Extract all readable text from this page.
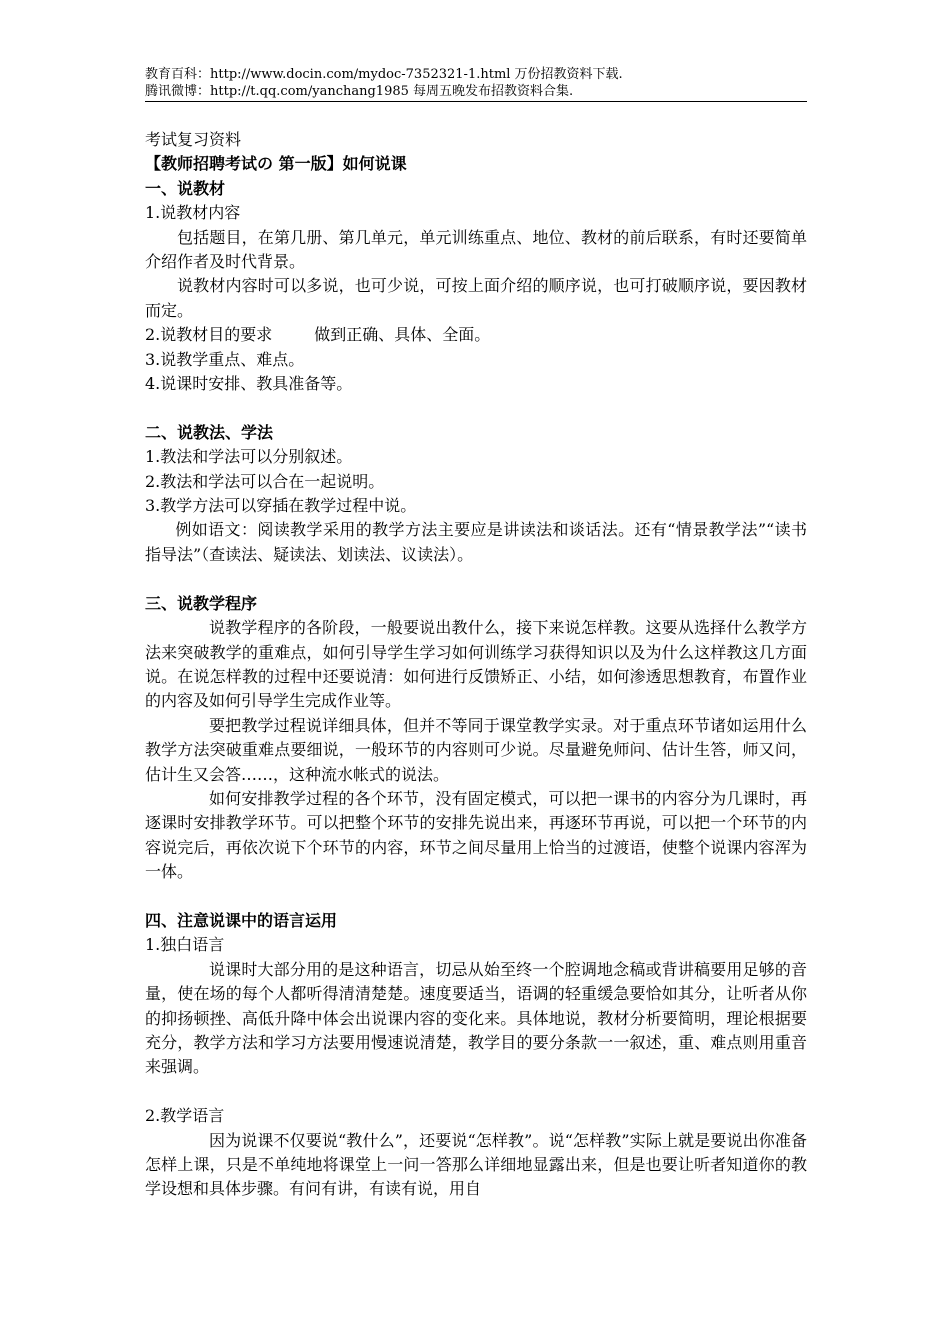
教育百科：http://www.docin.com/mydoc-7352321-1.html 万份招教资料下载.
腾讯微博：http://t.qq.com/yanchang1985 每周五晚发布招教资料合集.

考试复习资料

【教师招聘考试の 第一版】如何说课

一、说教材

1.说教材内容

包括题目，在第几册、第几单元，单元训练重点、地位、教材的前后联系，有时还要简单介绍作者及时代背景。

说教材内容时可以多说，也可少说，可按上面介绍的顺序说，也可打破顺序说，要因教材而定。

2.说教材目的要求	做到正确、具体、全面。

3.说教学重点、难点。

4.说课时安排、教具准备等。

二、说教法、学法

1.教法和学法可以分别叙述。

2.教法和学法可以合在一起说明。

3.教学方法可以穿插在教学过程中说。

例如语文：阅读教学采用的教学方法主要应是讲读法和谈话法。还有“情景教学法”“读书指导法”（查读法、疑读法、划读法、议读法）。

三、说教学程序

说教学程序的各阶段，一般要说出教什么，接下来说怎样教。这要从选择什么教学方法来突破教学的重难点，如何引导学生学习如何训练学习获得知识以及为什么这样教这几方面说。在说怎样教的过程中还要说清：如何进行反馈矫正、小结，如何渗透思想教育，布置作业的内容及如何引导学生完成作业等。

要把教学过程说详细具体，但并不等同于课堂教学实录。对于重点环节诸如运用什么教学方法突破重难点要细说，一般环节的内容则可少说。尽量避免师问、估计生答，师又问，估计生又会答……，这种流水帐式的说法。

如何安排教学过程的各个环节，没有固定模式，可以把一课书的内容分为几课时，再逐课时安排教学环节。可以把整个环节的安排先说出来，再逐环节再说，可以把一个环节的内容说完后，再依次说下个环节的内容，环节之间尽量用上恰当的过渡语，使整个说课内容浑为一体。

四、注意说课中的语言运用

1.独白语言

说课时大部分用的是这种语言，切忌从始至终一个腔调地念稿或背讲稿要用足够的音量，使在场的每个人都听得清清楚楚。速度要适当，语调的轻重缓急要恰如其分，让听者从你的抑扬顿挫、高低升降中体会出说课内容的变化来。具体地说，教材分析要简明，理论根据要充分，教学方法和学习方法要用慢速说清楚，教学目的要分条款一一叙述，重、难点则用重音来强调。

2.教学语言

因为说课不仅要说“教什么”，还要说“怎样教”。说“怎样教”实际上就是要说出你准备怎样上课，只是不单纯地将课堂上一问一答那么详细地显露出来，但是也要让听者知道你的教学设想和具体步骤。有问有讲，有读有说，用自
